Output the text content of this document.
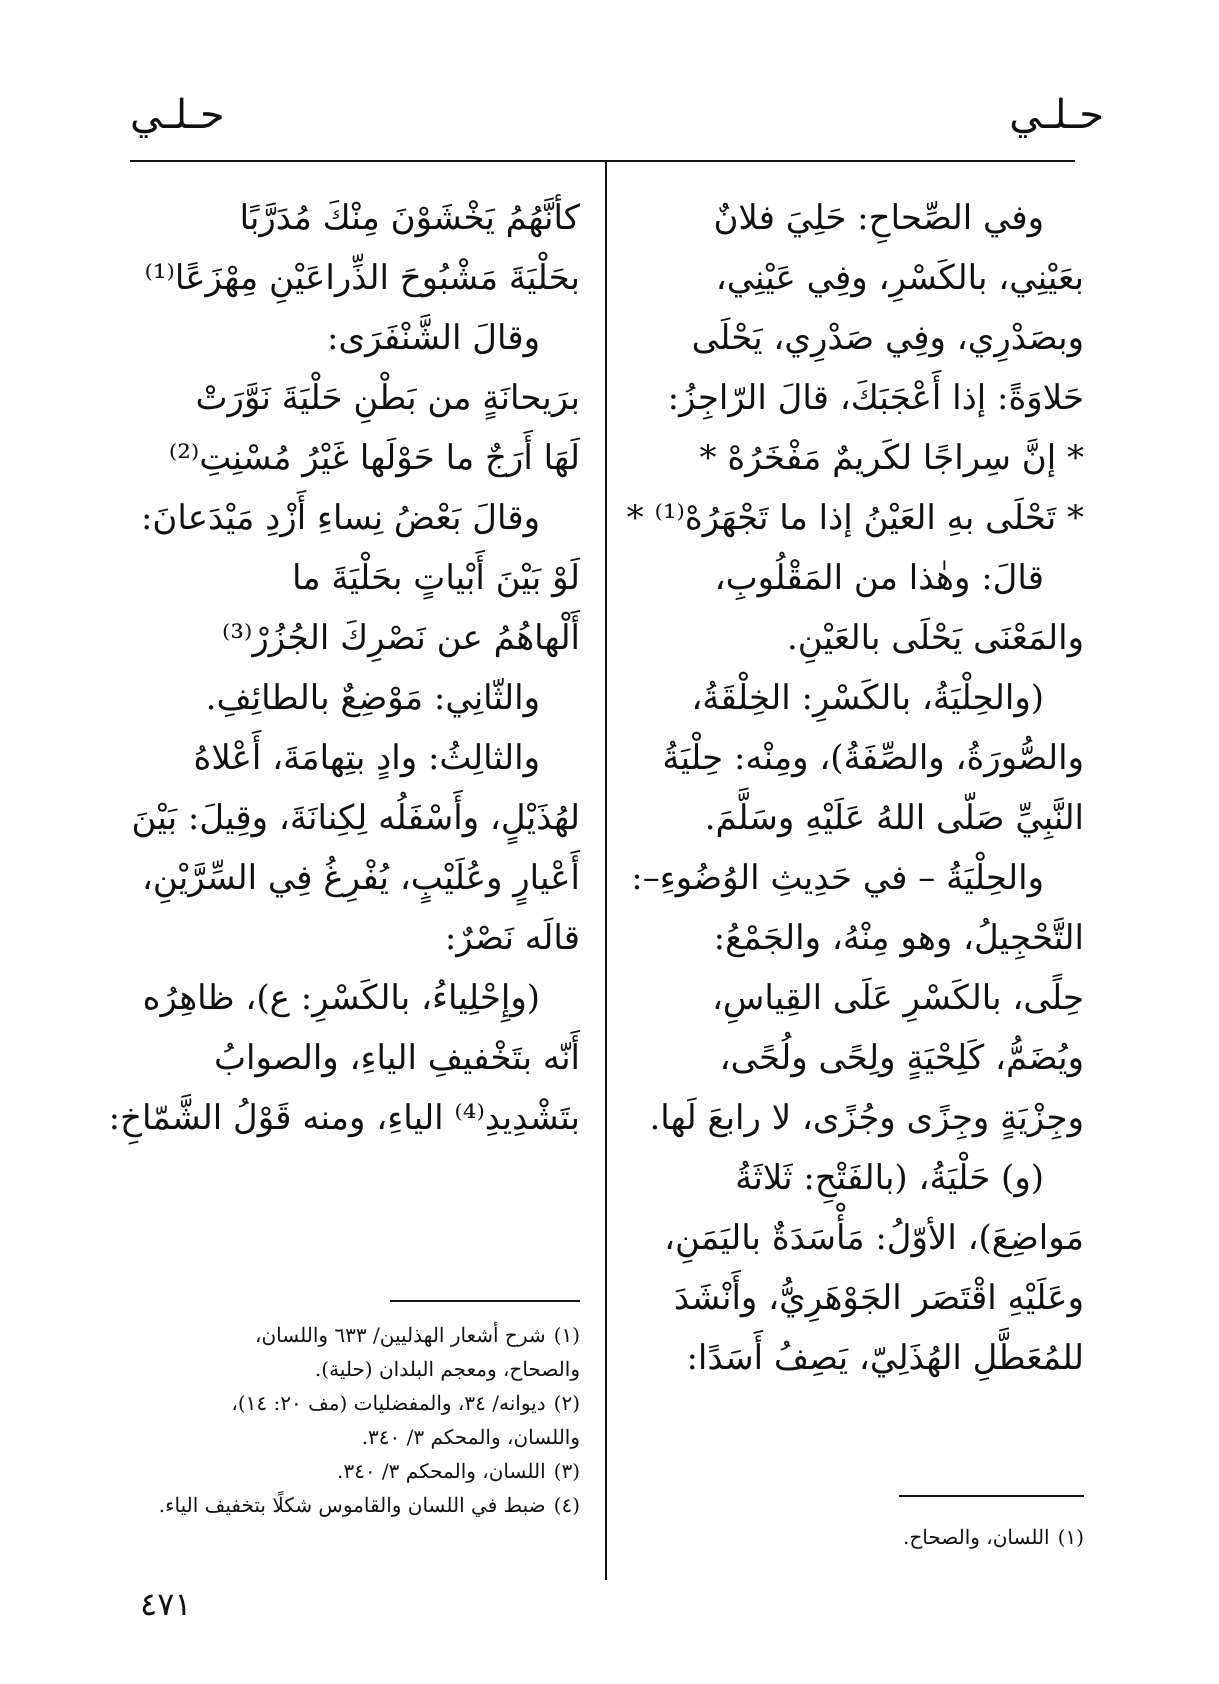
حـلـي
حـلـي
وفي الصِّحاحِ: حَلِيَ فلانٌ
بعَيْنِي، بالكَسْرِ، وفِي عَيْنِي،
وبصَدْرِي، وفِي صَدْرِي، يَحْلَى
حَلاوَةً: إذا أَعْجَبَكَ، قالَ الرّاجِزُ:
* إنَّ سِراجًا لكَريمٌ مَفْخَرُهْ *
* تَحْلَى بهِ العَيْنُ إذا ما تَجْهَرُهْ⁽¹⁾ *
قالَ: وهٰذا من المَقْلُوبِ،
والمَعْنَى يَحْلَى بالعَيْنِ.
(والحِلْيَةُ، بالكَسْرِ: الخِلْقَةُ،
والصُّورَةُ، والصِّفَةُ)، ومِنْه: حِلْيَةُ
النَّبِيِّ صَلّى اللهُ عَلَيْهِ وسَلَّمَ.
والحِلْيَةُ – في حَدِيثِ الوُضُوءِ–:
التَّحْجِيلُ، وهو مِنْهُ، والجَمْعُ:
حِلًى، بالكَسْرِ عَلَى القِياسِ،
ويُضَمُّ، كَلِحْيَةٍ ولِحًى ولُحًى،
وجِزْيَةٍ وجِزًى وجُزًى، لا رابعَ لَها.
(و) حَلْيَةُ، (بالفَتْحِ: ثَلاثَةُ
مَواضِعَ)، الأوّلُ: مَأْسَدَةٌ باليَمَنِ،
وعَلَيْهِ اقْتَصَر الجَوْهَرِيُّ، وأَنْشَدَ
للمُعَطَّلِ الهُذَلِيّ، يَصِفُ أَسَدًا:
كأنَّهُمُ يَخْشَوْنَ مِنْكَ مُدَرَّبًا
بحَلْيَةَ مَشْبُوحَ الذِّراعَيْنِ مِهْزَعًا⁽¹⁾
وقالَ الشَّنْفَرَى:
برَيحانَةٍ من بَطْنِ حَلْيَةَ نَوَّرَتْ
لَهَا أَرَجٌ ما حَوْلَها غَيْرُ مُسْنِتِ⁽²⁾
وقالَ بَعْضُ نِساءِ أَزْدِ مَيْدَعانَ:
لَوْ بَيْنَ أَبْياتٍ بحَلْيَةَ ما
أَلْهاهُمُ عن نَصْرِكَ الجُزُرْ⁽³⁾
والثّانِي: مَوْضِعٌ بالطائِفِ.
والثالِثُ: وادٍ بتِهامَةَ، أَعْلاهُ
لهُذَيْلٍ، وأَسْفَلُه لِكِنانَةَ، وقِيلَ: بَيْنَ
أَعْيارٍ وعُلَيْبٍ، يُفْرِغُ فِي السِّرَّيْنِ،
قالَه نَصْرٌ:
(وإِحْلِياءُ، بالكَسْرِ: ع)، ظاهِرُه
أَنّه بتَخْفيفِ الياءِ، والصوابُ
بتَشْدِيدِ⁽⁴⁾ الياءِ، ومنه قَوْلُ الشَّمّاخِ:
(١)اللسان، والصحاح.
(١)شرح أشعار الهذليين/ ٦٣٣ واللسان،
والصحاح، ومعجم البلدان (حلية).
(٢)ديوانه/ ٣٤، والمفضليات (مف ٢٠: ١٤)،
واللسان، والمحكم ٣/ ٣٤٠.
(٣)اللسان، والمحكم ٣/ ٣٤٠.
(٤)ضبط في اللسان والقاموس شكلًا بتخفيف الياء.
٤٧١
